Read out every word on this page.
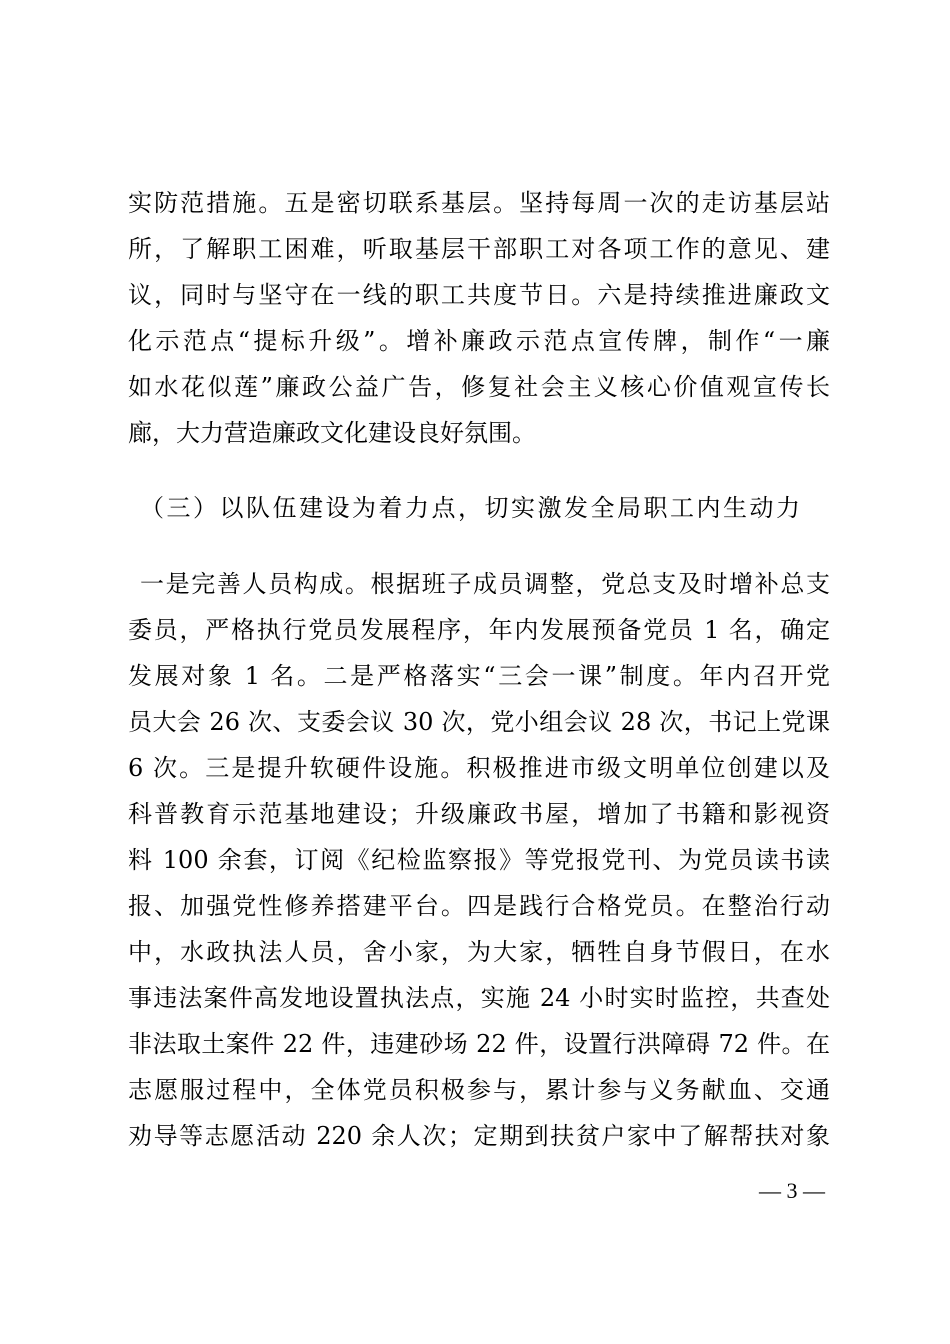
实防范措施。五是密切联系基层。坚持每周一次的走访基层站
所，了解职工困难，听取基层干部职工对各项工作的意见、建
议，同时与坚守在一线的职工共度节日。六是持续推进廉政文
化示范点“提标升级”。增补廉政示范点宣传牌，制作“一廉
如水花似莲”廉政公益广告，修复社会主义核心价值观宣传长
廊，大力营造廉政文化建设良好氛围。
（三）以队伍建设为着力点，切实激发全局职工内生动力
一是完善人员构成。根据班子成员调整，党总支及时增补总支
委员，严格执行党员发展程序，年内发展预备党员 1 名，确定
发展对象 1 名。二是严格落实“三会一课”制度。年内召开党
员大会 26 次、支委会议 30 次，党小组会议 28 次，书记上党课
6 次。三是提升软硬件设施。积极推进市级文明单位创建以及
科普教育示范基地建设；升级廉政书屋，增加了书籍和影视资
料 100 余套，订阅《纪检监察报》等党报党刊、为党员读书读
报、加强党性修养搭建平台。四是践行合格党员。在整治行动
中，水政执法人员，舍小家，为大家，牺牲自身节假日，在水
事违法案件高发地设置执法点，实施 24 小时实时监控，共查处
非法取土案件 22 件，违建砂场 22 件，设置行洪障碍 72 件。在
志愿服过程中，全体党员积极参与，累计参与义务献血、交通
劝导等志愿活动 220 余人次；定期到扶贫户家中了解帮扶对象
— 3 —
